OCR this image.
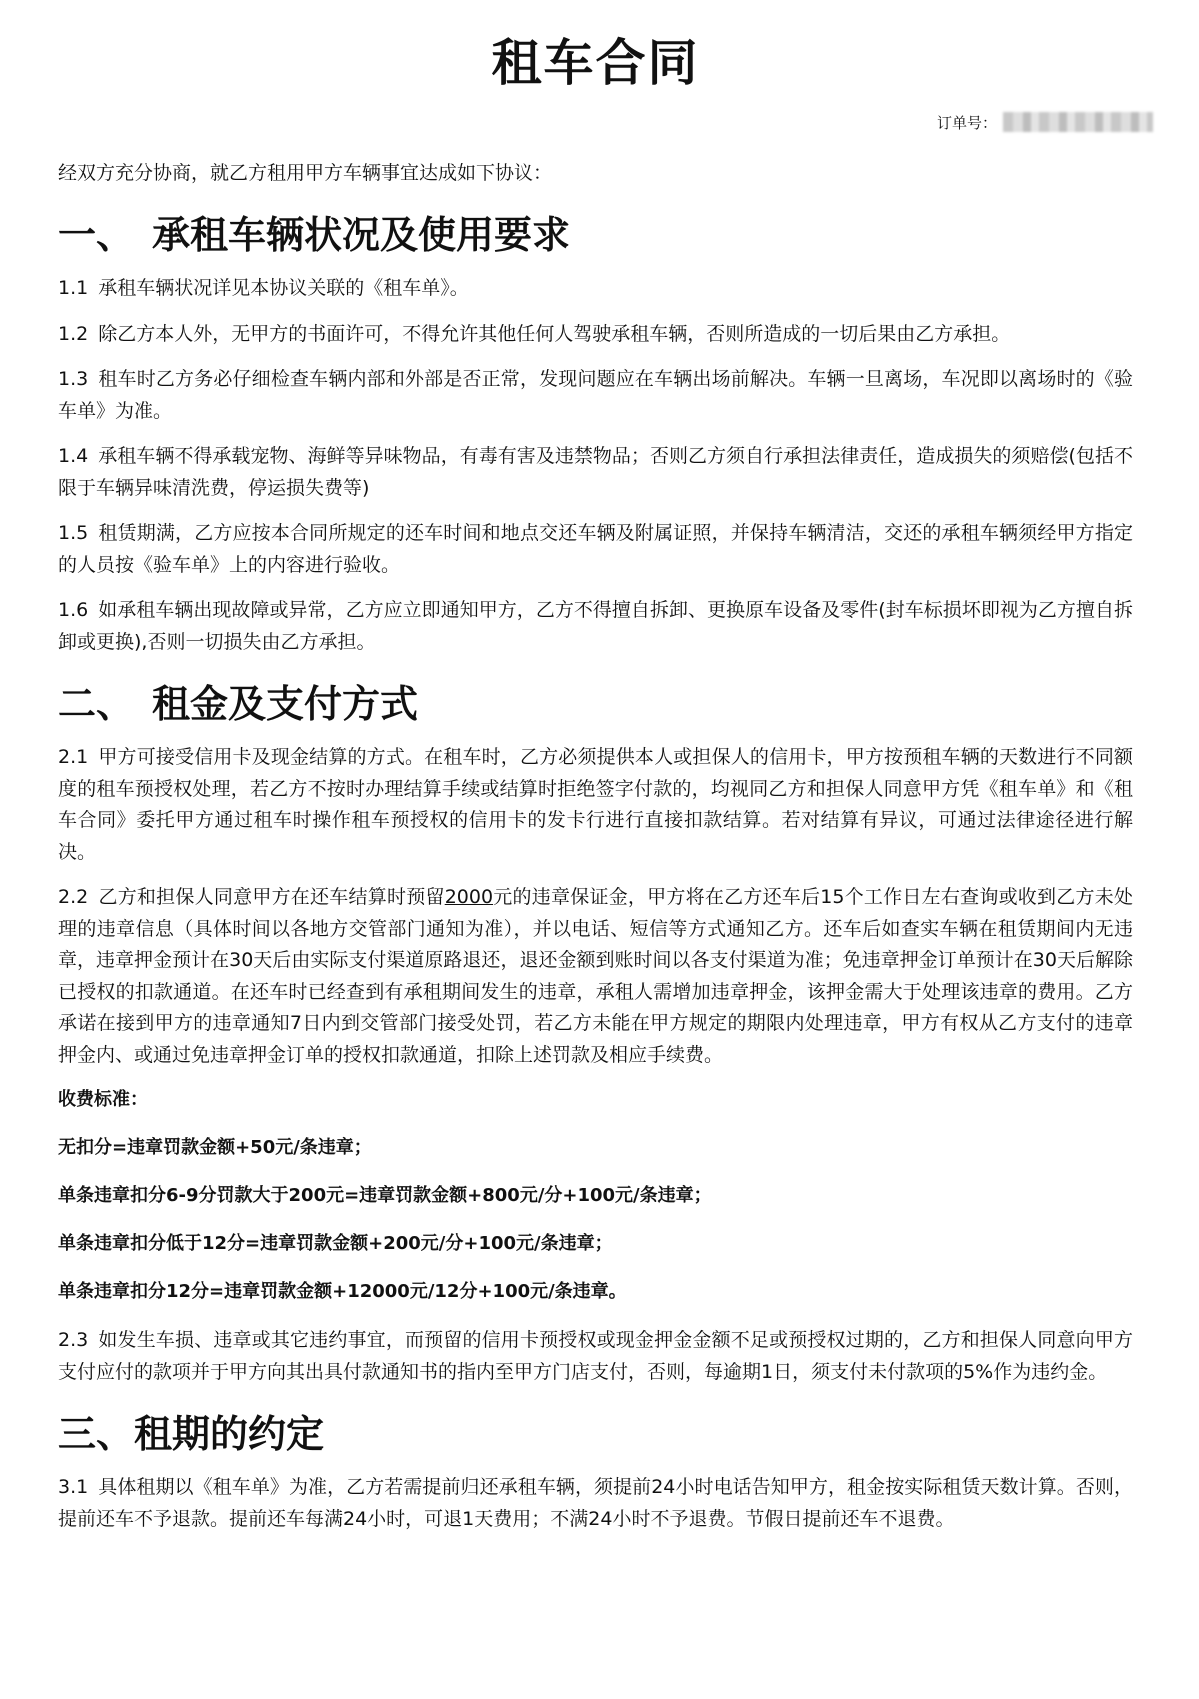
租车合同
订单号：

经双方充分协商，就乙方租用甲方车辆事宜达成如下协议：

一、 承租车辆状况及使用要求

1.1 承租车辆状况详见本协议关联的《租车单》。

1.2 除乙方本人外，无甲方的书面许可，不得允许其他任何人驾驶承租车辆，否则所造成的一切后果由乙方承担。

1.3 租车时乙方务必仔细检查车辆内部和外部是否正常，发现问题应在车辆出场前解决。车辆一旦离场，车况即以离场时的《验车单》为准。

1.4 承租车辆不得承载宠物、海鲜等异味物品，有毒有害及违禁物品；否则乙方须自行承担法律责任，造成损失的须赔偿(包括不限于车辆异味清洗费，停运损失费等)

1.5 租赁期满，乙方应按本合同所规定的还车时间和地点交还车辆及附属证照，并保持车辆清洁，交还的承租车辆须经甲方指定的人员按《验车单》上的内容进行验收。

1.6 如承租车辆出现故障或异常，乙方应立即通知甲方，乙方不得擅自拆卸、更换原车设备及零件(封车标损坏即视为乙方擅自拆卸或更换),否则一切损失由乙方承担。

二、 租金及支付方式

2.1 甲方可接受信用卡及现金结算的方式。在租车时，乙方必须提供本人或担保人的信用卡，甲方按预租车辆的天数进行不同额度的租车预授权处理，若乙方不按时办理结算手续或结算时拒绝签字付款的，均视同乙方和担保人同意甲方凭《租车单》和《租车合同》委托甲方通过租车时操作租车预授权的信用卡的发卡行进行直接扣款结算。若对结算有异议，可通过法律途径进行解决。

2.2 乙方和担保人同意甲方在还车结算时预留2000元的违章保证金，甲方将在乙方还车后15个工作日左右查询或收到乙方未处理的违章信息（具体时间以各地方交管部门通知为准），并以电话、短信等方式通知乙方。还车后如查实车辆在租赁期间内无违章，违章押金预计在30天后由实际支付渠道原路退还，退还金额到账时间以各支付渠道为准；免违章押金订单预计在30天后解除已授权的扣款通道。在还车时已经查到有承租期间发生的违章，承租人需增加违章押金，该押金需大于处理该违章的费用。乙方承诺在接到甲方的违章通知7日内到交管部门接受处罚，若乙方未能在甲方规定的期限内处理违章，甲方有权从乙方支付的违章押金内、或通过免违章押金订单的授权扣款通道，扣除上述罚款及相应手续费。

收费标准：
无扣分=违章罚款金额+50元/条违章；
单条违章扣分6-9分罚款大于200元=违章罚款金额+800元/分+100元/条违章；
单条违章扣分低于12分=违章罚款金额+200元/分+100元/条违章；
单条违章扣分12分=违章罚款金额+12000元/12分+100元/条违章。

2.3 如发生车损、违章或其它违约事宜，而预留的信用卡预授权或现金押金金额不足或预授权过期的，乙方和担保人同意向甲方支付应付的款项并于甲方向其出具付款通知书的指内至甲方门店支付，否则，每逾期1日，须支付未付款项的5%作为违约金。

三、 租期的约定

3.1 具体租期以《租车单》为准，乙方若需提前归还承租车辆，须提前24小时电话告知甲方，租金按实际租赁天数计算。否则，提前还车不予退款。提前还车每满24小时，可退1天费用；不满24小时不予退费。节假日提前还车不退费。
